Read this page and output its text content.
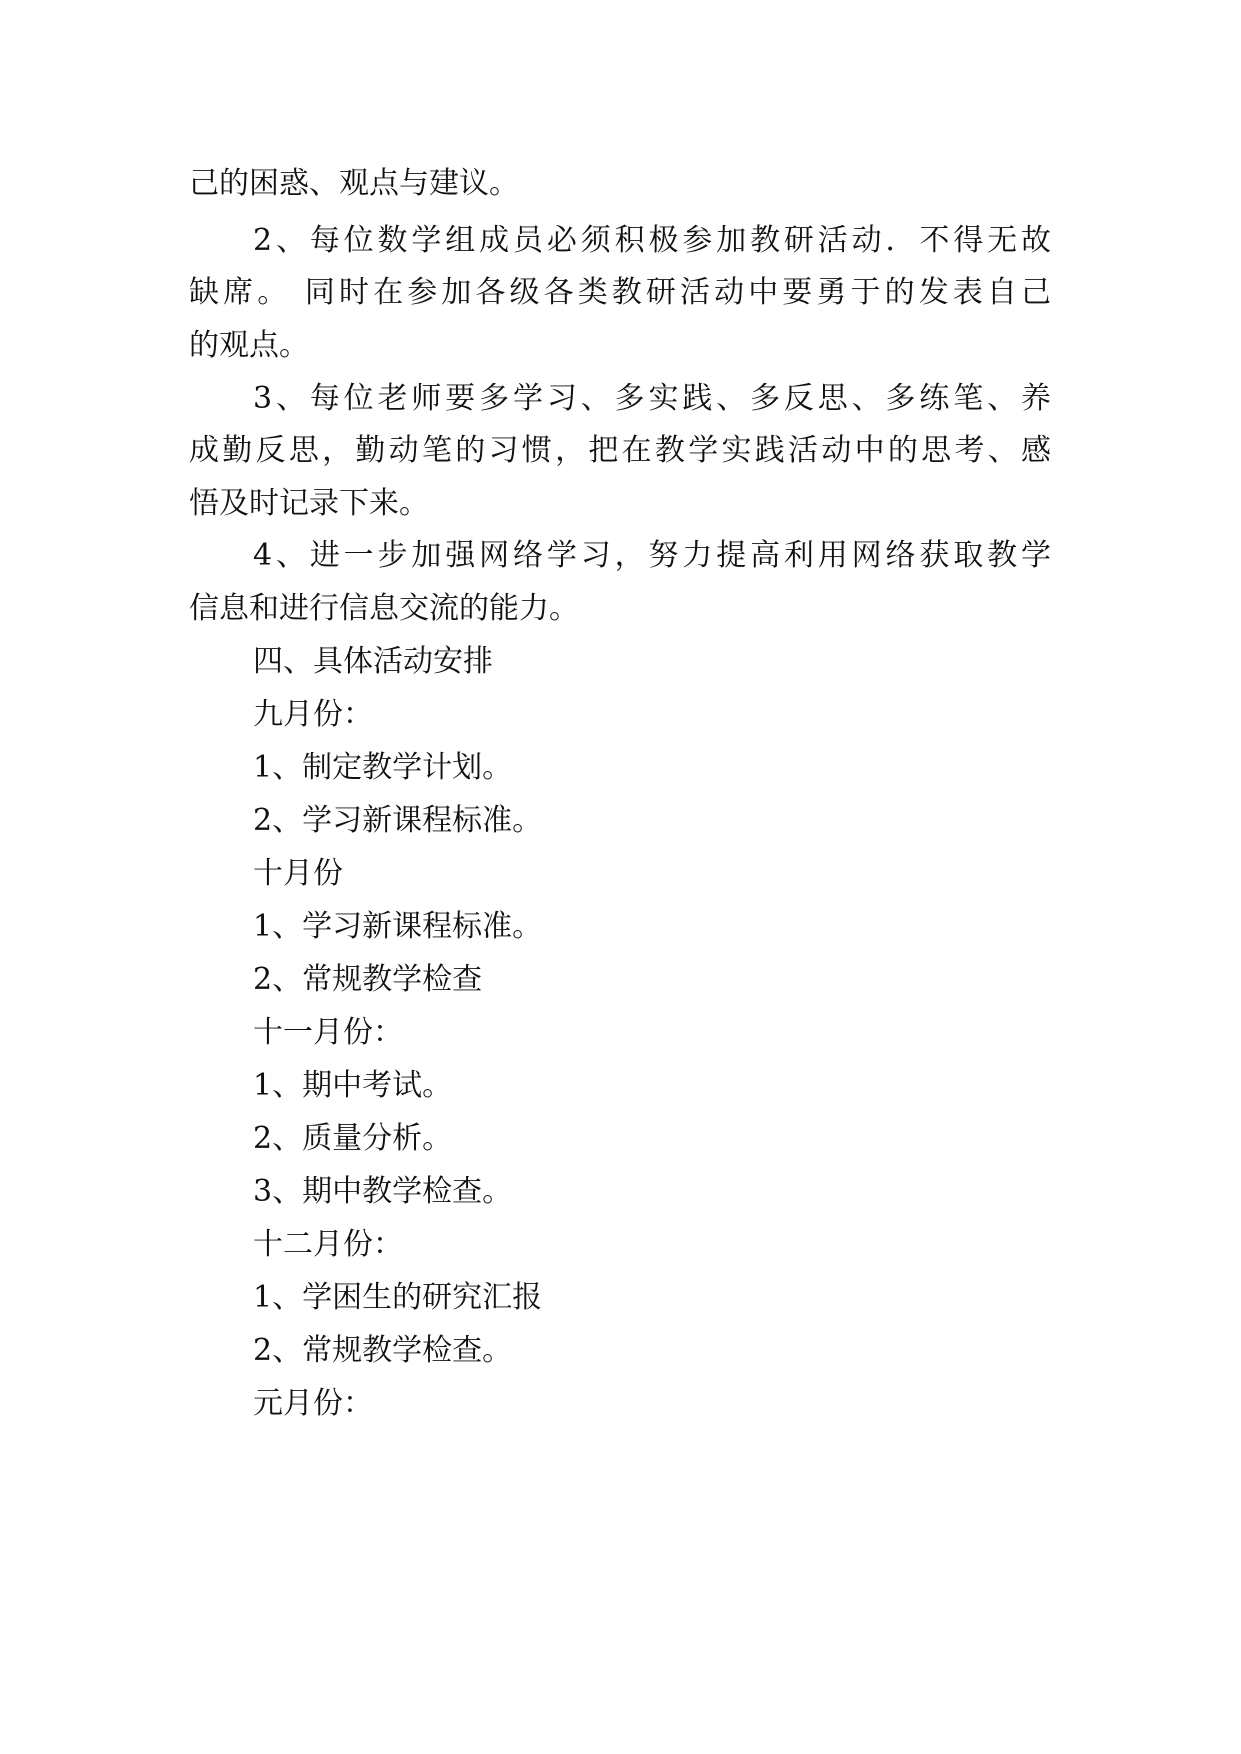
己的困惑、观点与建议。
2、每位数学组成员必须积极参加教研活动．不得无故
缺席。 同时在参加各级各类教研活动中要勇于的发表自己
的观点。
3、每位老师要多学习、多实践、多反思、多练笔、养
成勤反思，勤动笔的习惯，把在教学实践活动中的思考、感
悟及时记录下来。
4、进一步加强网络学习，努力提高利用网络获取教学
信息和进行信息交流的能力。
四、具体活动安排
九月份：
1、制定教学计划。
2、学习新课程标准。
十月份
1、学习新课程标准。
2、常规教学检查
十一月份：
1、期中考试。
2、质量分析。
3、期中教学检查。
十二月份：
1、学困生的研究汇报
2、常规教学检查。
元月份：
